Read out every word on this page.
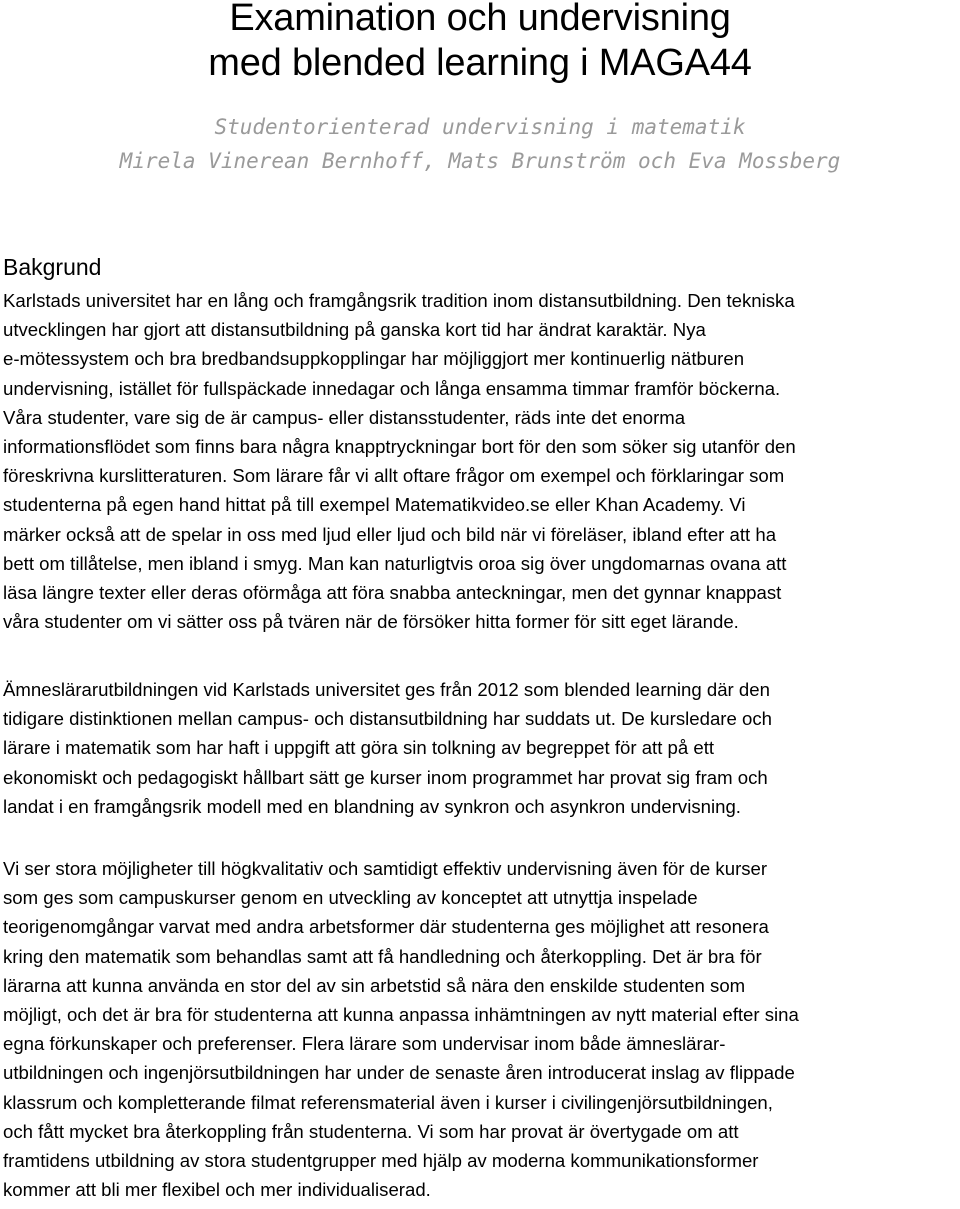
Examination och undervisning
med blended learning i MAGA44
Studentorienterad undervisning i matematik
Mirela Vinerean Bernhoff, Mats Brunström och Eva Mossberg
Bakgrund
Karlstads universitet har en lång och framgångsrik tradition inom distansutbildning. Den tekniska
utvecklingen har gjort att distansutbildning på ganska kort tid har ändrat karaktär. Nya
e-mötessystem och bra bredbandsuppkopplingar har möjliggjort mer kontinuerlig nätburen
undervisning, istället för fullspäckade innedagar och långa ensamma timmar framför böckerna.
Våra studenter, vare sig de är campus- eller distansstudenter, räds inte det enorma
informationsflödet som finns bara några knapptryckningar bort för den som söker sig utanför den
föreskrivna kurslitteraturen. Som lärare får vi allt oftare frågor om exempel och förklaringar som
studenterna på egen hand hittat på till exempel Matematikvideo.se eller Khan Academy. Vi
märker också att de spelar in oss med ljud eller ljud och bild när vi föreläser, ibland efter att ha
bett om tillåtelse, men ibland i smyg. Man kan naturligtvis oroa sig över ungdomarnas ovana att
läsa längre texter eller deras oförmåga att föra snabba anteckningar, men det gynnar knappast
våra studenter om vi sätter oss på tvären när de försöker hitta former för sitt eget lärande.
Ämneslärarutbildningen vid Karlstads universitet ges från 2012 som blended learning där den
tidigare distinktionen mellan campus- och distansutbildning har suddats ut. De kursledare och
lärare i matematik som har haft i uppgift att göra sin tolkning av begreppet för att på ett
ekonomiskt och pedagogiskt hållbart sätt ge kurser inom programmet har provat sig fram och
landat i en framgångsrik modell med en blandning av synkron och asynkron undervisning.
Vi ser stora möjligheter till högkvalitativ och samtidigt effektiv undervisning även för de kurser
som ges som campuskurser genom en utveckling av konceptet att utnyttja inspelade
teorigenomgångar varvat med andra arbetsformer där studenterna ges möjlighet att resonera
kring den matematik som behandlas samt att få handledning och återkoppling. Det är bra för
lärarna att kunna använda en stor del av sin arbetstid så nära den enskilde studenten som
möjligt, och det är bra för studenterna att kunna anpassa inhämtningen av nytt material efter sina
egna förkunskaper och preferenser. Flera lärare som undervisar inom både ämneslärar-
utbildningen och ingenjörsutbildningen har under de senaste åren introducerat inslag av flippade
klassrum och kompletterande filmat referensmaterial även i kurser i civilingenjörsutbildningen,
och fått mycket bra återkoppling från studenterna. Vi som har provat är övertygade om att
framtidens utbildning av stora studentgrupper med hjälp av moderna kommunikationsformer
kommer att bli mer flexibel och mer individualiserad.
